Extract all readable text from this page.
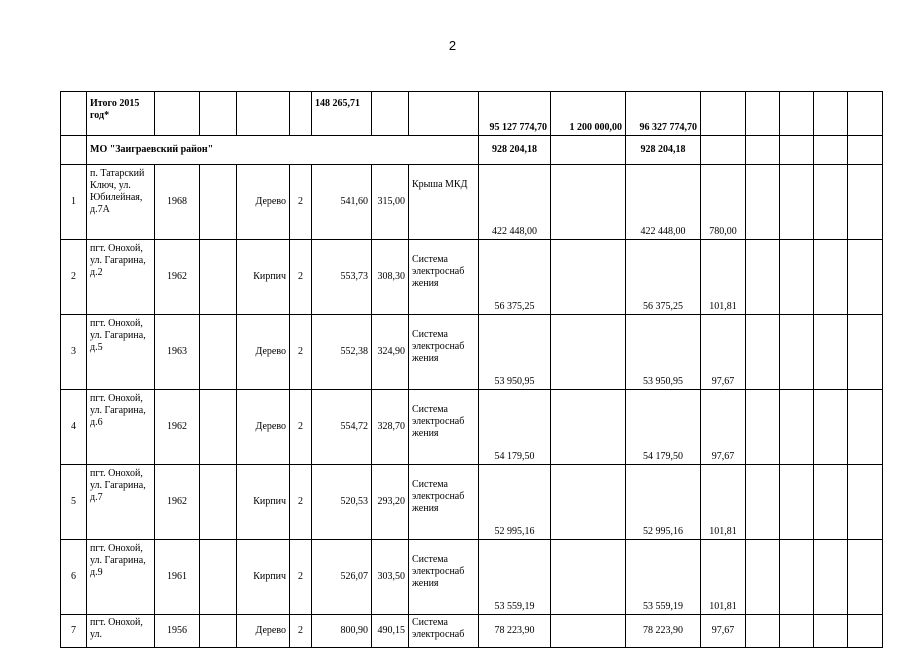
2
	Итого 2015 год*					148 265,71			95 127 774,70	1 200 000,00	96 327 774,70					
	МО "Заиграевский район"								928 204,18		928 204,18					
1	п. Татарский Ключ, ул. Юбилейная, д.7А	1968		Дерево	2	541,60	315,00	Крыша МКД	422 448,00		422 448,00	780,00				
2	пгт. Онохой, ул. Гагарина, д.2	1962		Кирпич	2	553,73	308,30	Система электроснаб жения	56 375,25		56 375,25	101,81				
3	пгт. Онохой, ул. Гагарина, д.5	1963		Дерево	2	552,38	324,90	Система электроснаб жения	53 950,95		53 950,95	97,67				
4	пгт. Онохой, ул. Гагарина, д.6	1962		Дерево	2	554,72	328,70	Система электроснаб жения	54 179,50		54 179,50	97,67				
5	пгт. Онохой, ул. Гагарина, д.7	1962		Кирпич	2	520,53	293,20	Система электроснаб жения	52 995,16		52 995,16	101,81				
6	пгт. Онохой, ул. Гагарина, д.9	1961		Кирпич	2	526,07	303,50	Система электроснаб жения	53 559,19		53 559,19	101,81				
7	пгт. Онохой, ул.	1956		Дерево	2	800,90	490,15	Система электроснаб	78 223,90		78 223,90	97,67				
